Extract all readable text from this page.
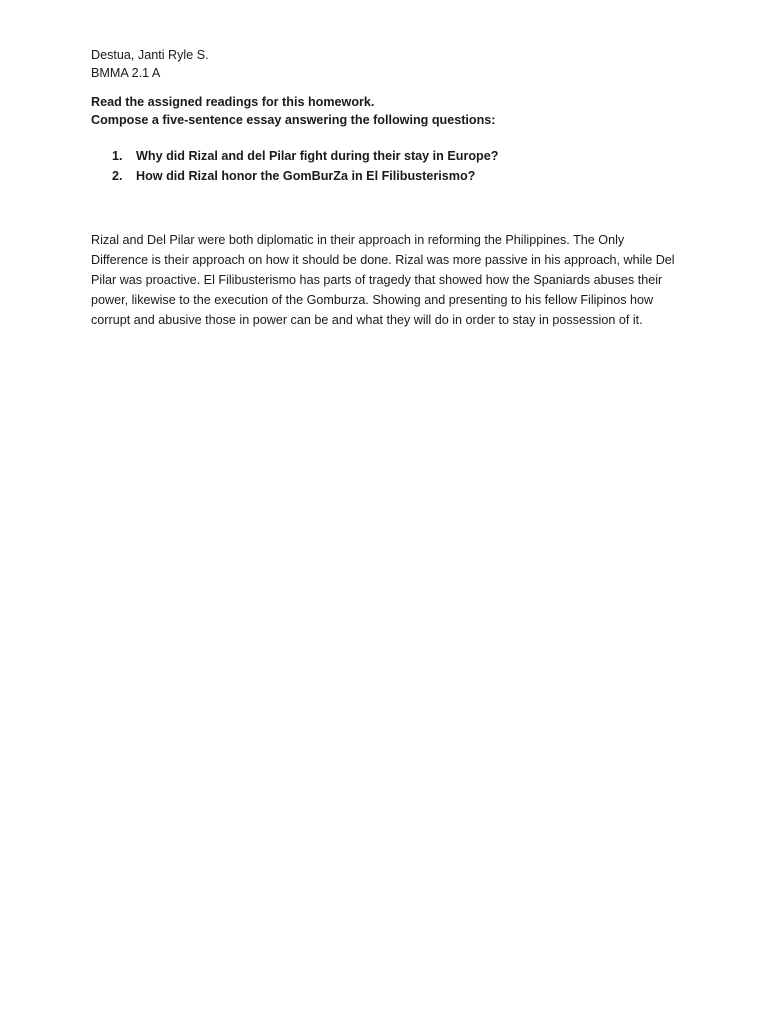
Destua, Janti Ryle S.
BMMA 2.1 A
Read the assigned readings for this homework.
Compose a five-sentence essay answering the following questions:
1. Why did Rizal and del Pilar fight during their stay in Europe?
2. How did Rizal honor the GomBurZa in El Filibusterismo?
Rizal and Del Pilar were both diplomatic in their approach in reforming the Philippines. The Only
Difference is their approach on how it should be done. Rizal was more passive in his approach, while Del
Pilar was proactive. El Filibusterismo has parts of tragedy that showed how the Spaniards abuses their
power, likewise to the execution of the Gomburza. Showing and presenting to his fellow Filipinos how
corrupt and abusive those in power can be and what they will do in order to stay in possession of it.
